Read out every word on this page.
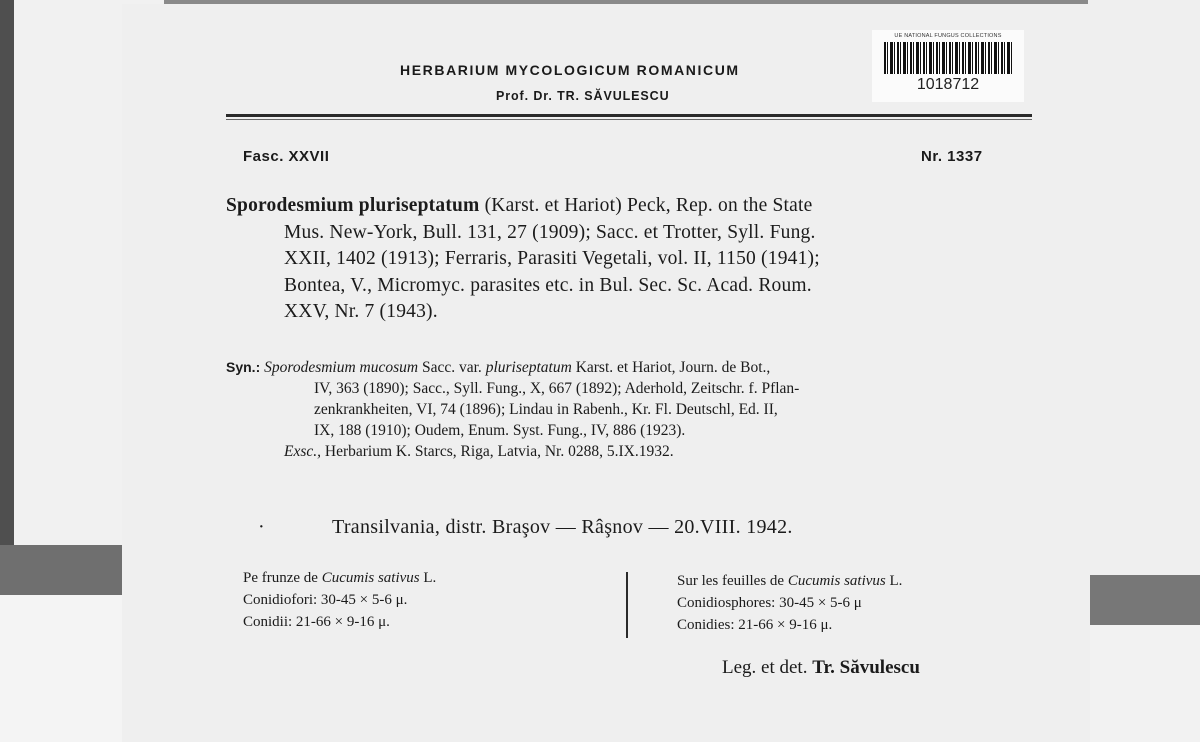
HERBARIUM MYCOLOGICUM ROMANICUM
Prof. Dr. TR. SĂVULESCU
UE NATIONAL FUNGUS COLLECTIONS
1018712
Fasc. XXVII	Nr. 1337
Sporodesmium pluriseptatum (Karst. et Hariot) Peck, Rep. on the State
Mus. New-York, Bull. 131, 27 (1909); Sacc. et Trotter, Syll. Fung.
XXII, 1402 (1913); Ferraris, Parasiti Vegetali, vol. II, 1150 (1941);
Bontea, V., Micromyc. parasites etc. in Bul. Sec. Sc. Acad. Roum.
XXV, Nr. 7 (1943).
Syn.: Sporodesmium mucosum Sacc. var. pluriseptatum Karst. et Hariot, Journ. de Bot.,
IV, 363 (1890); Sacc., Syll. Fung., X, 667 (1892); Aderhold, Zeitschr. f. Pflan-
zenkrankheiten, VI, 74 (1896); Lindau in Rabenh., Kr. Fl. Deutschl, Ed. II,
IX, 188 (1910); Oudem, Enum. Syst. Fung., IV, 886 (1923).
Exsc., Herbarium K. Starcs, Riga, Latvia, Nr. 0288, 5.IX.1932.
·	Transilvania, distr. Braşov — Râşnov — 20.VIII. 1942.
Pe frunze de Cucumis sativus L.
Conidiofori: 30-45 × 5-6 μ.
Conidii: 21-66 × 9-16 μ.
Sur les feuilles de Cucumis sativus L.
Conidiosphores: 30-45 × 5-6 μ
Conidies: 21-66 × 9-16 μ.
Leg. et det. Tr. Săvulescu
